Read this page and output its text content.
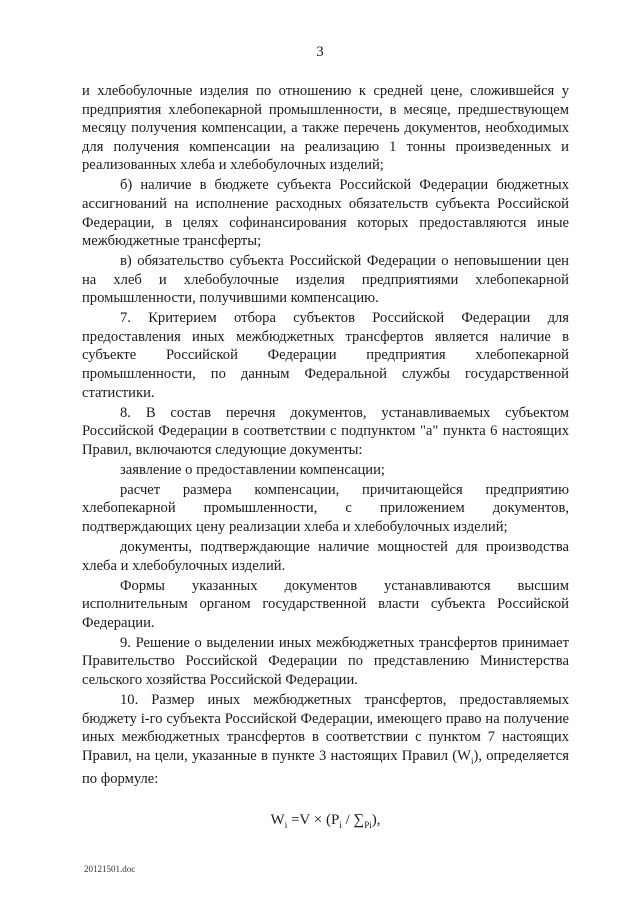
3

и хлебобулочные изделия по отношению к средней цене, сложившейся у предприятия хлебопекарной промышленности, в месяце, предшествующем месяцу получения компенсации, а также перечень документов, необходимых для получения компенсации на реализацию 1 тонны произведенных и реализованных хлеба и хлебобулочных изделий;

б) наличие в бюджете субъекта Российской Федерации бюджетных ассигнований на исполнение расходных обязательств субъекта Российской Федерации, в целях софинансирования которых предоставляются иные межбюджетные трансферты;

в) обязательство субъекта Российской Федерации о неповышении цен на хлеб и хлебобулочные изделия предприятиями хлебопекарной промышленности, получившими компенсацию.

7. Критерием отбора субъектов Российской Федерации для предоставления иных межбюджетных трансфертов является наличие в субъекте Российской Федерации предприятия хлебопекарной промышленности, по данным Федеральной службы государственной статистики.

8. В состав перечня документов, устанавливаемых субъектом Российской Федерации в соответствии с подпунктом "а" пункта 6 настоящих Правил, включаются следующие документы:

заявление о предоставлении компенсации;

расчет размера компенсации, причитающейся предприятию хлебопекарной промышленности, с приложением документов, подтверждающих цену реализации хлеба и хлебобулочных изделий;

документы, подтверждающие наличие мощностей для производства хлеба и хлебобулочных изделий.

Формы указанных документов устанавливаются высшим исполнительным органом государственной власти субъекта Российской Федерации.

9. Решение о выделении иных межбюджетных трансфертов принимает Правительство Российской Федерации по представлению Министерства сельского хозяйства Российской Федерации.

10. Размер иных межбюджетных трансфертов, предоставляемых бюджету i-го субъекта Российской Федерации, имеющего право на получение иных межбюджетных трансфертов в соответствии с пунктом 7 настоящих Правил, на цели, указанные в пункте 3 настоящих Правил $(W_i)$, определяется по формуле:

$W_i =V \times (P_i / \sum_{Pi})$,
20121501.doc
